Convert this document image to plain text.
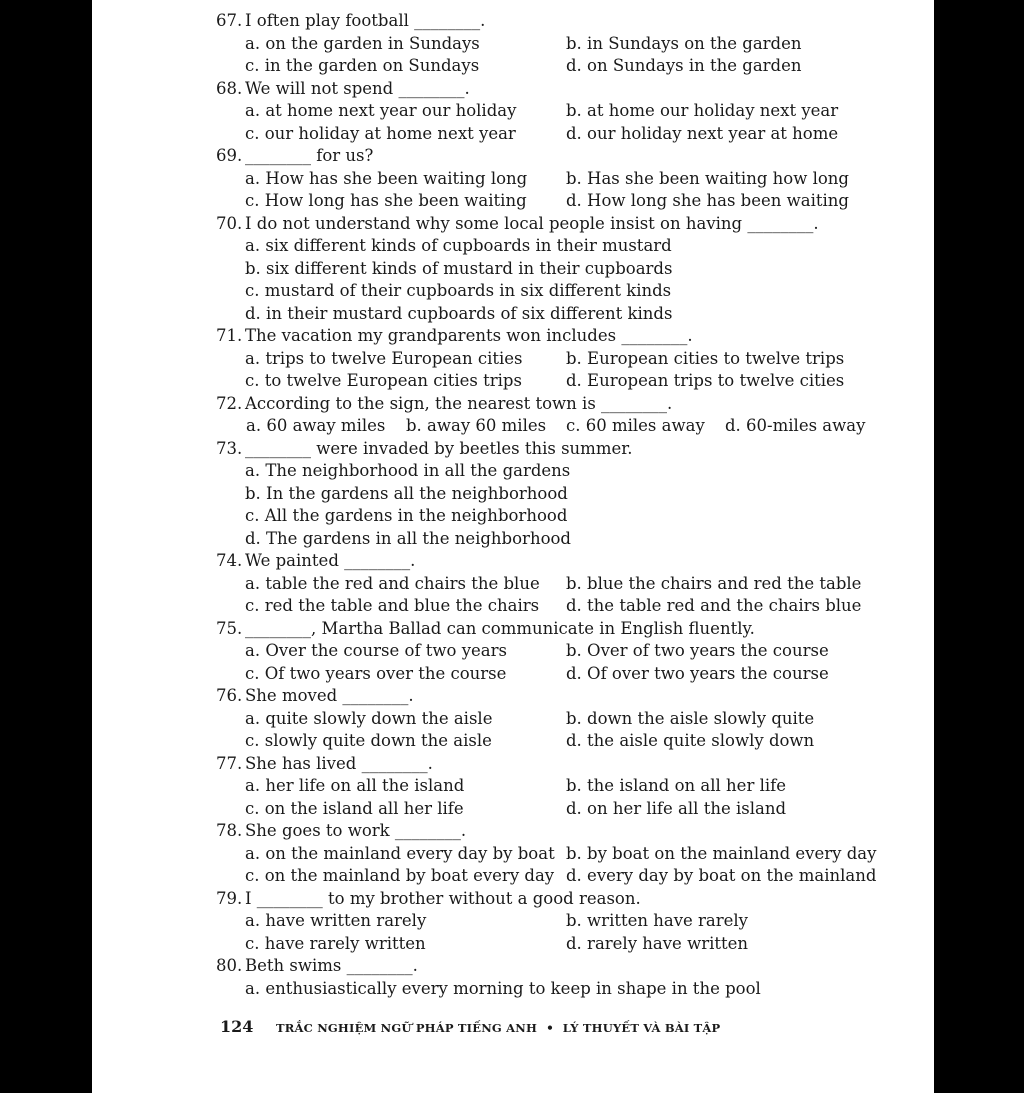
67. I often play football ________.
a. on the garden in Sundays	b. in Sundays on the garden
c. in the garden on Sundays	d. on Sundays in the garden
68. We will not spend ________.
a. at home next year our holiday	b. at home our holiday next year
c. our holiday at home next year	d. our holiday next year at home
69. ________ for us?
a. How has she been waiting long	b. Has she been waiting how long
c. How long has she been waiting	d. How long she has been waiting
70. I do not understand why some local people insist on having ________.
a. six different kinds of cupboards in their mustard
b. six different kinds of mustard in their cupboards
c. mustard of their cupboards in six different kinds
d. in their mustard cupboards of six different kinds
71. The vacation my grandparents won includes ________.
a. trips to twelve European cities	b. European cities to twelve trips
c. to twelve European cities trips	d. European trips to twelve cities
72. According to the sign, the nearest town is ________.
a. 60 away miles	b. away 60 miles	c. 60 miles away	d. 60-miles away
73. ________ were invaded by beetles this summer.
a. The neighborhood in all the gardens
b. In the gardens all the neighborhood
c. All the gardens in the neighborhood
d. The gardens in all the neighborhood
74. We painted ________.
a. table the red and chairs the blue	b. blue the chairs and red the table
c. red the table and blue the chairs	d. the table red and the chairs blue
75. ________, Martha Ballad can communicate in English fluently.
a. Over the course of two years	b. Over of two years the course
c. Of two years over the course	d. Of over two years the course
76. She moved ________.
a. quite slowly down the aisle	b. down the aisle slowly quite
c. slowly quite down the aisle	d. the aisle quite slowly down
77. She has lived ________.
a. her life on all the island	b. the island on all her life
c. on the island all her life	d. on her life all the island
78. She goes to work ________.
a. on the mainland every day by boat b. by boat on the mainland every day
c. on the mainland by boat every day d. every day by boat on the mainland
79. I ________ to my brother without a good reason.
a. have written rarely	b. written have rarely
c. have rarely written	d. rarely have written
80. Beth swims ________.
a. enthusiastically every morning to keep in shape in the pool
124	TRẮC NGHIỆM NGỮ PHÁP TIẾNG ANH • LÝ THUYẾT VÀ BÀI TẬP
